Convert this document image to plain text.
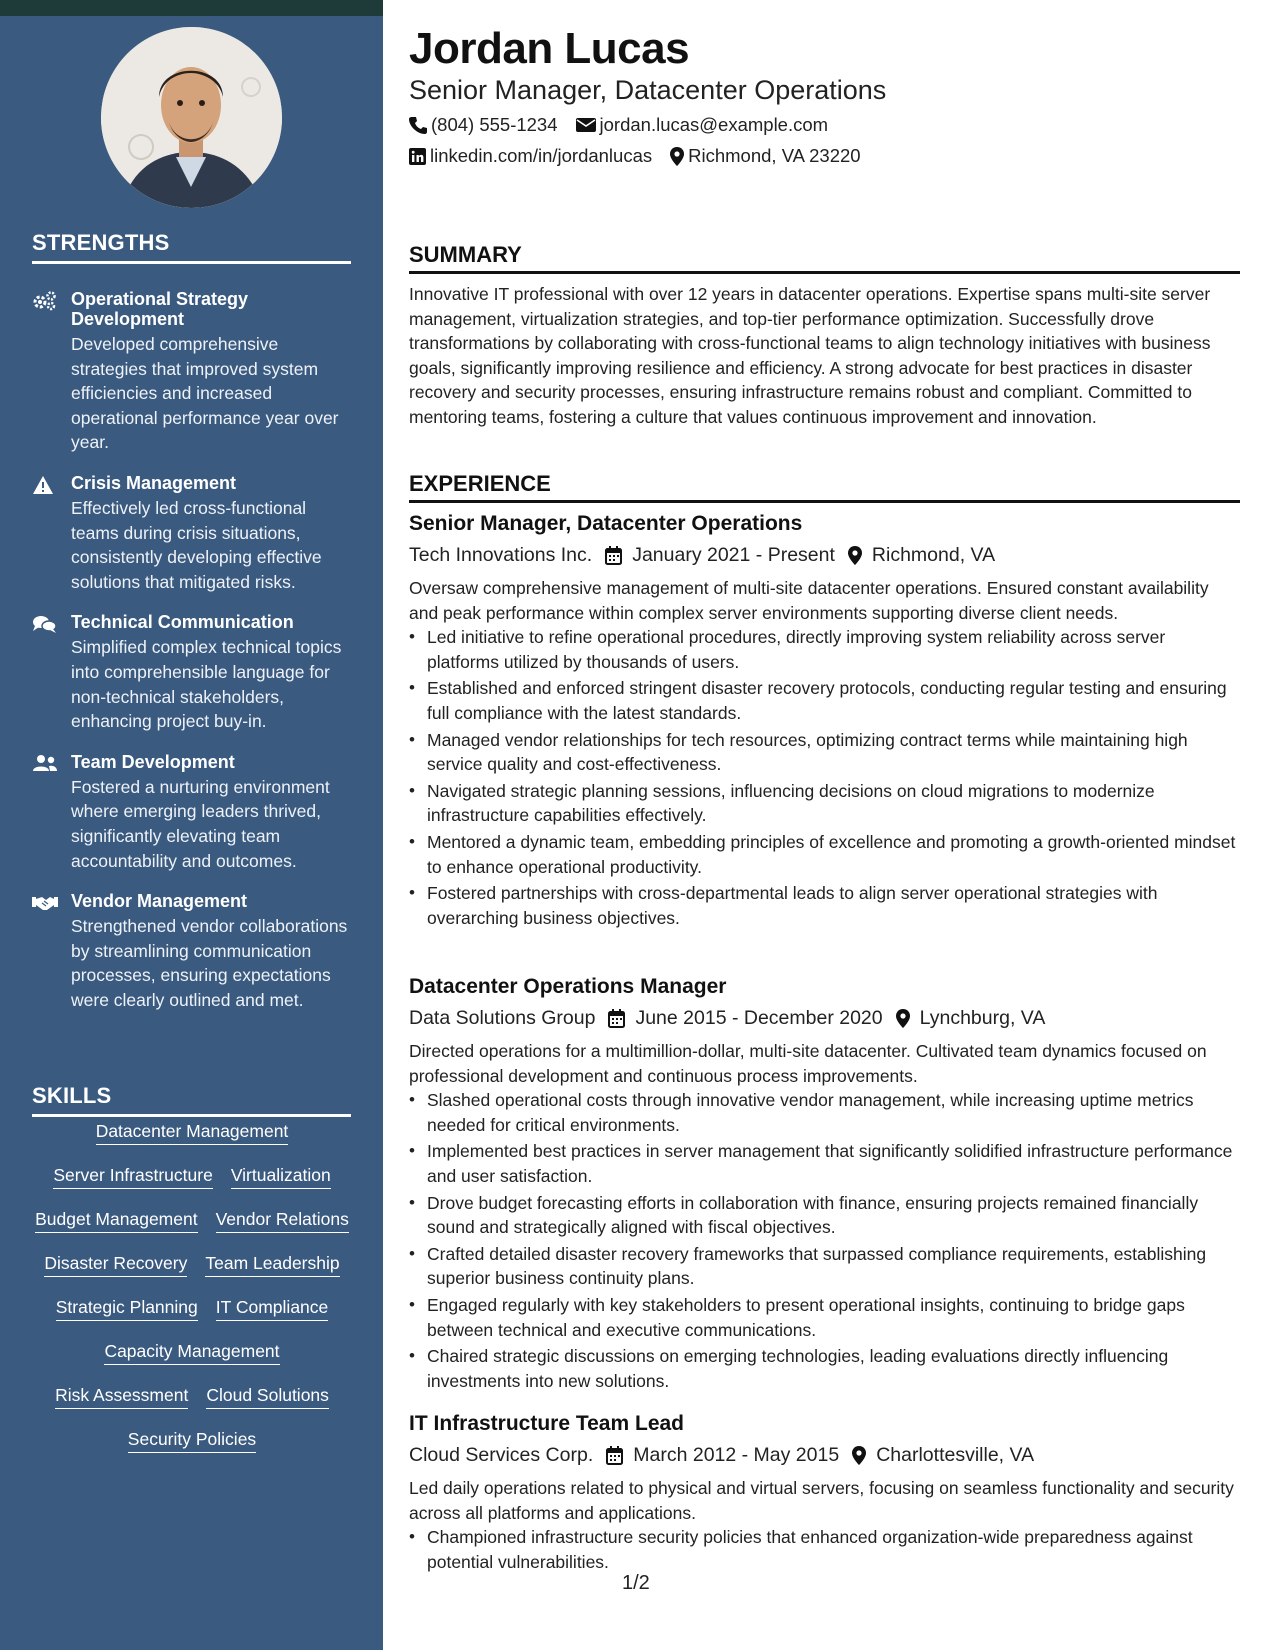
STRENGTHS
Operational Strategy Development
Developed comprehensive strategies that improved system efficiencies and increased operational performance year over year.
Crisis Management
Effectively led cross-functional teams during crisis situations, consistently developing effective solutions that mitigated risks.
Technical Communication
Simplified complex technical topics into comprehensible language for non-technical stakeholders, enhancing project buy-in.
Team Development
Fostered a nurturing environment where emerging leaders thrived, significantly elevating team accountability and outcomes.
Vendor Management
Strengthened vendor collaborations by streamlining communication processes, ensuring expectations were clearly outlined and met.
SKILLS
Datacenter Management
Server Infrastructure Virtualization
Budget Management Vendor Relations
Disaster Recovery Team Leadership
Strategic Planning IT Compliance
Capacity Management
Risk Assessment Cloud Solutions
Security Policies
Jordan Lucas
Senior Manager, Datacenter Operations
(804) 555-1234 jordan.lucas@example.com
linkedin.com/in/jordanlucas Richmond, VA 23220
SUMMARY
Innovative IT professional with over 12 years in datacenter operations. Expertise spans multi-site server management, virtualization strategies, and top-tier performance optimization. Successfully drove transformations by collaborating with cross-functional teams to align technology initiatives with business goals, significantly improving resilience and efficiency. A strong advocate for best practices in disaster recovery and security processes, ensuring infrastructure remains robust and compliant. Committed to mentoring teams, fostering a culture that values continuous improvement and innovation.
EXPERIENCE
Senior Manager, Datacenter Operations
Tech Innovations Inc. January 2021 - Present Richmond, VA
Oversaw comprehensive management of multi-site datacenter operations. Ensured constant availability and peak performance within complex server environments supporting diverse client needs.
• Led initiative to refine operational procedures, directly improving system reliability across server platforms utilized by thousands of users.
• Established and enforced stringent disaster recovery protocols, conducting regular testing and ensuring full compliance with the latest standards.
• Managed vendor relationships for tech resources, optimizing contract terms while maintaining high service quality and cost-effectiveness.
• Navigated strategic planning sessions, influencing decisions on cloud migrations to modernize infrastructure capabilities effectively.
• Mentored a dynamic team, embedding principles of excellence and promoting a growth-oriented mindset to enhance operational productivity.
• Fostered partnerships with cross-departmental leads to align server operational strategies with overarching business objectives.
Datacenter Operations Manager
Data Solutions Group June 2015 - December 2020 Lynchburg, VA
Directed operations for a multimillion-dollar, multi-site datacenter. Cultivated team dynamics focused on professional development and continuous process improvements.
• Slashed operational costs through innovative vendor management, while increasing uptime metrics needed for critical environments.
• Implemented best practices in server management that significantly solidified infrastructure performance and user satisfaction.
• Drove budget forecasting efforts in collaboration with finance, ensuring projects remained financially sound and strategically aligned with fiscal objectives.
• Crafted detailed disaster recovery frameworks that surpassed compliance requirements, establishing superior business continuity plans.
• Engaged regularly with key stakeholders to present operational insights, continuing to bridge gaps between technical and executive communications.
• Chaired strategic discussions on emerging technologies, leading evaluations directly influencing investments into new solutions.
IT Infrastructure Team Lead
Cloud Services Corp. March 2012 - May 2015 Charlottesville, VA
Led daily operations related to physical and virtual servers, focusing on seamless functionality and security across all platforms and applications.
• Championed infrastructure security policies that enhanced organization-wide preparedness against potential vulnerabilities.
1/2
